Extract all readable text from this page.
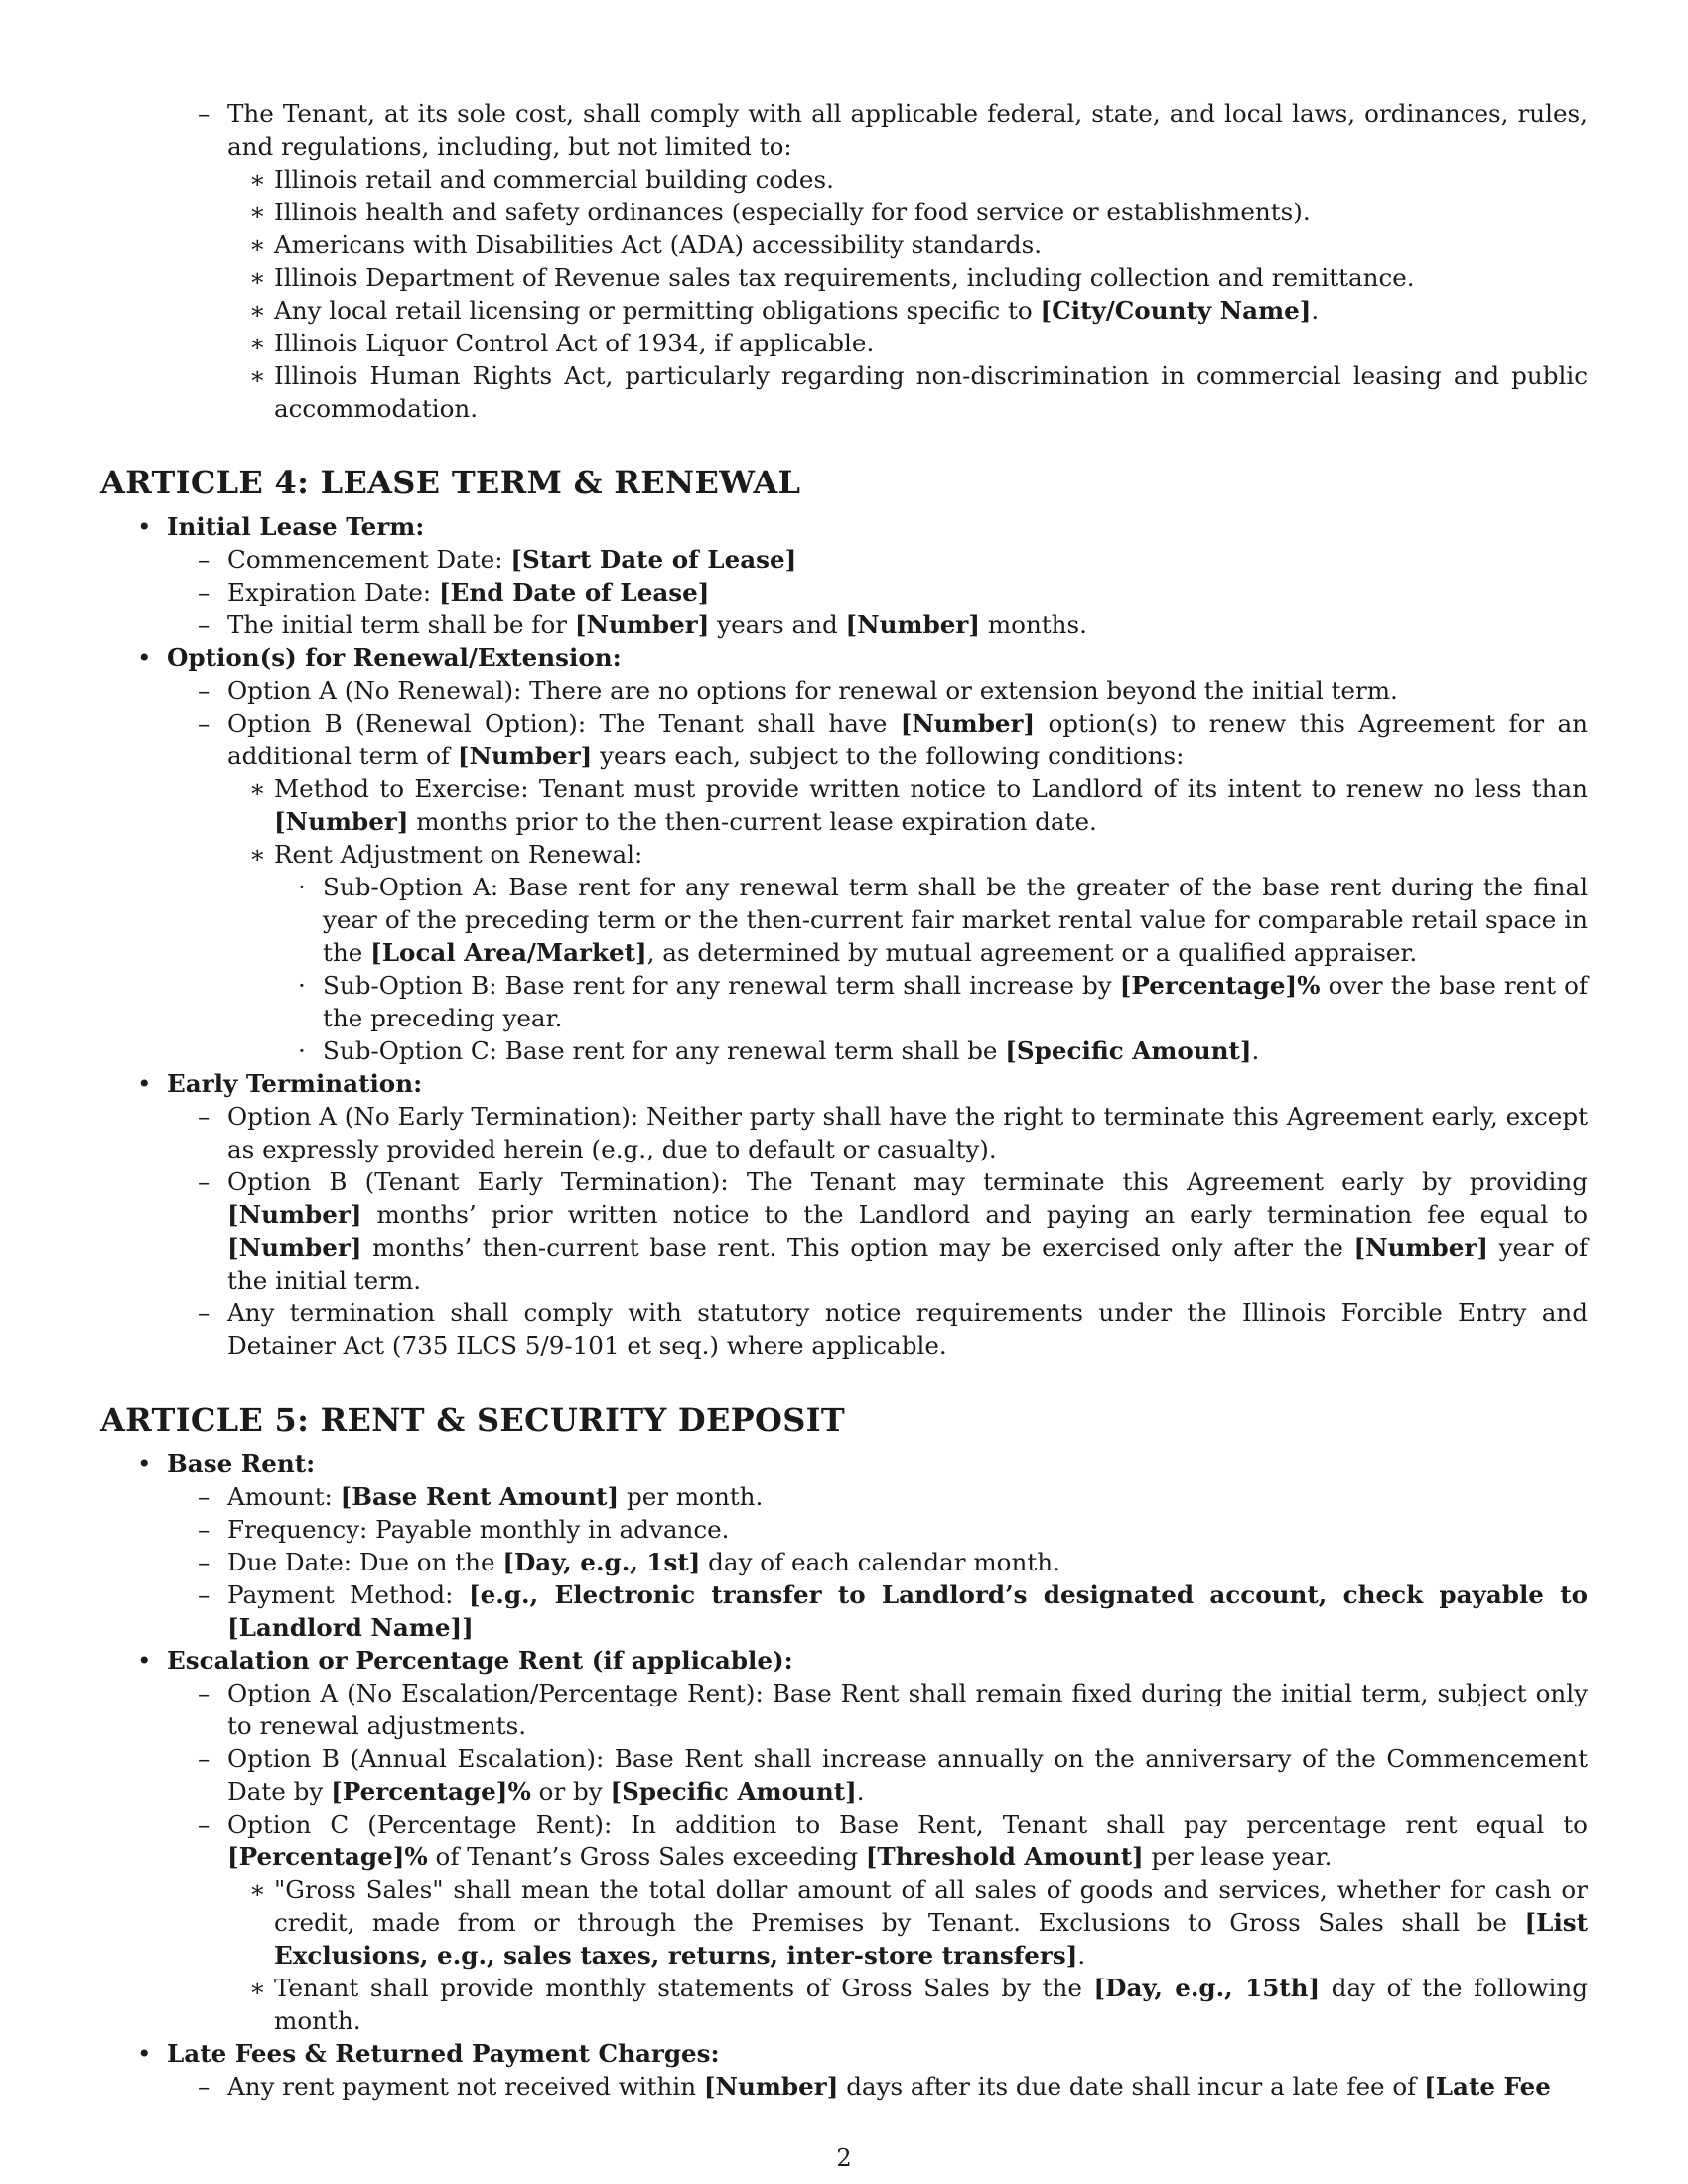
– The Tenant, at its sole cost, shall comply with all applicable federal, state, and local laws, ordinances, rules, and regulations, including, but not limited to:
∗ Illinois retail and commercial building codes.
∗ Illinois health and safety ordinances (especially for food service or establishments).
∗ Americans with Disabilities Act (ADA) accessibility standards.
∗ Illinois Department of Revenue sales tax requirements, including collection and remittance.
∗ Any local retail licensing or permitting obligations specific to [City/County Name].
∗ Illinois Liquor Control Act of 1934, if applicable.
∗ Illinois Human Rights Act, particularly regarding non-discrimination in commercial leasing and public accommodation.
ARTICLE 4: LEASE TERM & RENEWAL
• Initial Lease Term:
– Commencement Date: [Start Date of Lease]
– Expiration Date: [End Date of Lease]
– The initial term shall be for [Number] years and [Number] months.
• Option(s) for Renewal/Extension:
– Option A (No Renewal): There are no options for renewal or extension beyond the initial term.
– Option B (Renewal Option): The Tenant shall have [Number] option(s) to renew this Agreement for an additional term of [Number] years each, subject to the following conditions:
∗ Method to Exercise: Tenant must provide written notice to Landlord of its intent to renew no less than [Number] months prior to the then-current lease expiration date.
∗ Rent Adjustment on Renewal:
· Sub-Option A: Base rent for any renewal term shall be the greater of the base rent during the final year of the preceding term or the then-current fair market rental value for comparable retail space in the [Local Area/Market], as determined by mutual agreement or a qualified appraiser.
· Sub-Option B: Base rent for any renewal term shall increase by [Percentage]% over the base rent of the preceding year.
· Sub-Option C: Base rent for any renewal term shall be [Specific Amount].
• Early Termination:
– Option A (No Early Termination): Neither party shall have the right to terminate this Agreement early, except as expressly provided herein (e.g., due to default or casualty).
– Option B (Tenant Early Termination): The Tenant may terminate this Agreement early by providing [Number] months’ prior written notice to the Landlord and paying an early termination fee equal to [Number] months’ then-current base rent. This option may be exercised only after the [Number] year of the initial term.
– Any termination shall comply with statutory notice requirements under the Illinois Forcible Entry and Detainer Act (735 ILCS 5/9-101 et seq.) where applicable.
ARTICLE 5: RENT & SECURITY DEPOSIT
• Base Rent:
– Amount: [Base Rent Amount] per month.
– Frequency: Payable monthly in advance.
– Due Date: Due on the [Day, e.g., 1st] day of each calendar month.
– Payment Method: [e.g., Electronic transfer to Landlord’s designated account, check payable to [Landlord Name]]
• Escalation or Percentage Rent (if applicable):
– Option A (No Escalation/Percentage Rent): Base Rent shall remain fixed during the initial term, subject only to renewal adjustments.
– Option B (Annual Escalation): Base Rent shall increase annually on the anniversary of the Commencement Date by [Percentage]% or by [Specific Amount].
– Option C (Percentage Rent): In addition to Base Rent, Tenant shall pay percentage rent equal to [Percentage]% of Tenant’s Gross Sales exceeding [Threshold Amount] per lease year.
∗ "Gross Sales" shall mean the total dollar amount of all sales of goods and services, whether for cash or credit, made from or through the Premises by Tenant. Exclusions to Gross Sales shall be [List Exclusions, e.g., sales taxes, returns, inter-store transfers].
∗ Tenant shall provide monthly statements of Gross Sales by the [Day, e.g., 15th] day of the following month.
• Late Fees & Returned Payment Charges:
– Any rent payment not received within [Number] days after its due date shall incur a late fee of [Late Fee
2
